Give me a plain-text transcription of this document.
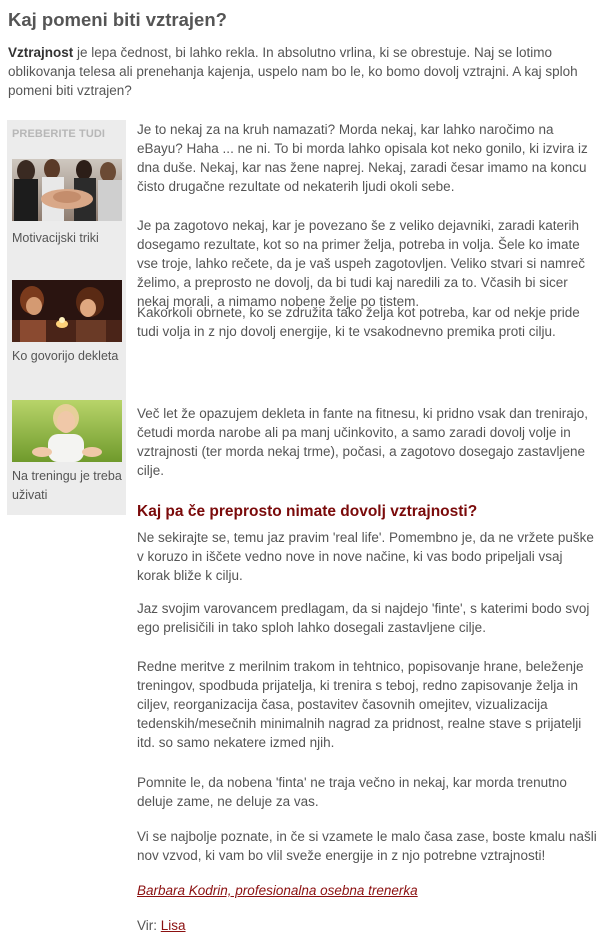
Kaj pomeni biti vztrajen?

Vztrajnost je lepa čednost, bi lahko rekla. In absolutno vrlina, ki se obrestuje. Naj se lotimo oblikovanja telesa ali prenehanja kajenja, uspelo nam bo le, ko bomo dovolj vztrajni. A kaj sploh pomeni biti vztrajen?

PREBERITE TUDI
Motivacijski triki
Ko govorijo dekleta
Na treningu je treba uživati

Je to nekaj za na kruh namazati? Morda nekaj, kar lahko naročimo na eBayu? Haha ... ne ni. To bi morda lahko opisala kot neko gonilo, ki izvira iz dna duše. Nekaj, kar nas žene naprej. Nekaj, zaradi česar imamo na koncu čisto drugačne rezultate od nekaterih ljudi okoli sebe.

Je pa zagotovo nekaj, kar je povezano še z veliko dejavniki, zaradi katerih dosegamo rezultate, kot so na primer želja, potreba in volja. Šele ko imate vse troje, lahko rečete, da je vaš uspeh zagotovljen. Veliko stvari si namreč želimo, a preprosto ne dovolj, da bi tudi kaj naredili za to. Včasih bi sicer nekaj morali, a nimamo nobene želje po tistem.

Kakorkoli obrnete, ko se združita tako želja kot potreba, kar od nekje pride tudi volja in z njo dovolj energije, ki te vsakodnevno premika proti cilju.

Več let že opazujem dekleta in fante na fitnesu, ki pridno vsak dan trenirajo, četudi morda narobe ali pa manj učinkovito, a samo zaradi dovolj volje in vztrajnosti (ter morda nekaj trme), počasi, a zagotovo dosegajo zastavljene cilje.

Kaj pa če preprosto nimate dovolj vztrajnosti?

Ne sekirajte se, temu jaz pravim 'real life'. Pomembno je, da ne vržete puške v koruzo in iščete vedno nove in nove načine, ki vas bodo pripeljali vsaj korak bliže k cilju.

Jaz svojim varovancem predlagam, da si najdejo 'finte', s katerimi bodo svoj ego prelisičili in tako sploh lahko dosegali zastavljene cilje.

Redne meritve z merilnim trakom in tehtnico, popisovanje hrane, beleženje treningov, spodbuda prijatelja, ki trenira s teboj, redno zapisovanje želja in ciljev, reorganizacija časa, postavitev časovnih omejitev, vizualizacija tedenskih/mesečnih minimalnih nagrad za pridnost, realne stave s prijatelji itd. so samo nekatere izmed njih.

Pomnite le, da nobena 'finta' ne traja večno in nekaj, kar morda trenutno deluje zame, ne deluje za vas.

Vi se najbolje poznate, in če si vzamete le malo časa zase, boste kmalu našli nov vzvod, ki vam bo vlil sveže energije in z njo potrebne vztrajnosti!

Barbara Kodrin, profesionalna osebna trenerka

Vir: Lisa
